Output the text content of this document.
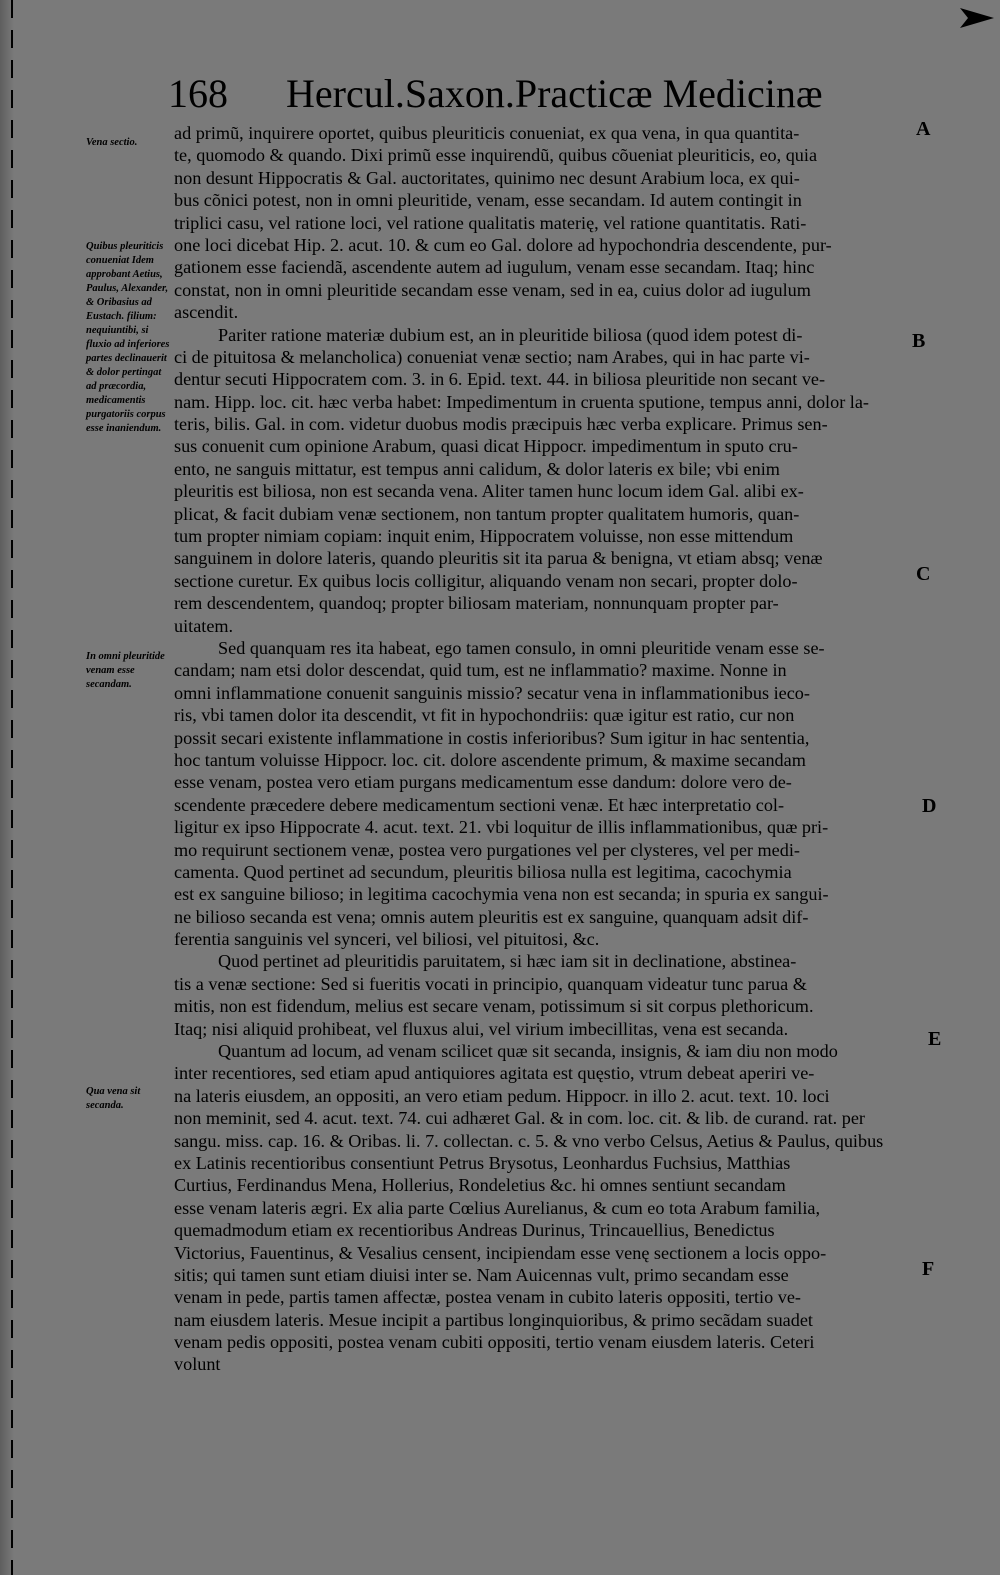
168 Hercul.Saxon.Practicæ Medicinæ
Vena sectio.
Quibus pleuriticis conueniat Idem approbant Aetius, Paulus, Alexander, & Oribasius ad Eustach. filium: nequiuntibi, si fluxio ad inferiores partes declinauerit & dolor pertingat ad præcordia, medicamentis purgatoriis corpus esse inaniendum.
In omni pleuritide venam esse secandam.
Qua vena sit secanda.
A
B
C
D
E
F
ad primũ, inquirere oportet, quibus pleuriticis conueniat, ex qua vena, in qua quantita-
te, quomodo & quando. Dixi primũ esse inquirendũ, quibus cõueniat pleuriticis, eo, quia
non desunt Hippocratis & Gal. auctoritates, quinimo nec desunt Arabium loca, ex qui-
bus cõnici potest, non in omni pleuritide, venam, esse secandam. Id autem contingit in
triplici casu, vel ratione loci, vel ratione qualitatis materię, vel ratione quantitatis. Rati-
one loci dicebat Hip. 2. acut. 10. & cum eo Gal. dolore ad hypochondria descendente, pur-
gationem esse faciendã, ascendente autem ad iugulum, venam esse secandam. Itaq; hinc
constat, non in omni pleuritide secandam esse venam, sed in ea, cuius dolor ad iugulum
ascendit.
Pariter ratione materiæ dubium est, an in pleuritide biliosa (quod idem potest di-
ci de pituitosa & melancholica) conueniat venæ sectio; nam Arabes, qui in hac parte vi-
dentur secuti Hippocratem com. 3. in 6. Epid. text. 44. in biliosa pleuritide non secant ve-
nam. Hipp. loc. cit. hæc verba habet: Impedimentum in cruenta sputione, tempus anni, dolor la-
teris, bilis. Gal. in com. videtur duobus modis præcipuis hæc verba explicare. Primus sen-
sus conuenit cum opinione Arabum, quasi dicat Hippocr. impedimentum in sputo cru-
ento, ne sanguis mittatur, est tempus anni calidum, & dolor lateris ex bile; vbi enim
pleuritis est biliosa, non est secanda vena. Aliter tamen hunc locum idem Gal. alibi ex-
plicat, & facit dubiam venæ sectionem, non tantum propter qualitatem humoris, quan-
tum propter nimiam copiam: inquit enim, Hippocratem voluisse, non esse mittendum
sanguinem in dolore lateris, quando pleuritis sit ita parua & benigna, vt etiam absq; venæ
sectione curetur. Ex quibus locis colligitur, aliquando venam non secari, propter dolo-
rem descendentem, quandoq; propter biliosam materiam, nonnunquam propter par-
uitatem.
Sed quanquam res ita habeat, ego tamen consulo, in omni pleuritide venam esse se-
candam; nam etsi dolor descendat, quid tum, est ne inflammatio? maxime. Nonne in
omni inflammatione conuenit sanguinis missio? secatur vena in inflammationibus ieco-
ris, vbi tamen dolor ita descendit, vt fit in hypochondriis: quæ igitur est ratio, cur non
possit secari existente inflammatione in costis inferioribus? Sum igitur in hac sententia,
hoc tantum voluisse Hippocr. loc. cit. dolore ascendente primum, & maxime secandam
esse venam, postea vero etiam purgans medicamentum esse dandum: dolore vero de-
scendente præcedere debere medicamentum sectioni venæ. Et hæc interpretatio col-
ligitur ex ipso Hippocrate 4. acut. text. 21. vbi loquitur de illis inflammationibus, quæ pri-
mo requirunt sectionem venæ, postea vero purgationes vel per clysteres, vel per medi-
camenta. Quod pertinet ad secundum, pleuritis biliosa nulla est legitima, cacochymia
est ex sanguine bilioso; in legitima cacochymia vena non est secanda; in spuria ex sangui-
ne bilioso secanda est vena; omnis autem pleuritis est ex sanguine, quanquam adsit dif-
ferentia sanguinis vel synceri, vel biliosi, vel pituitosi, &c.
Quod pertinet ad pleuritidis paruitatem, si hæc iam sit in declinatione, abstinea-
tis a venæ sectione: Sed si fueritis vocati in principio, quanquam videatur tunc parua &
mitis, non est fidendum, melius est secare venam, potissimum si sit corpus plethoricum.
Itaq; nisi aliquid prohibeat, vel fluxus alui, vel virium imbecillitas, vena est secanda.
Quantum ad locum, ad venam scilicet quæ sit secanda, insignis, & iam diu non modo
inter recentiores, sed etiam apud antiquiores agitata est quęstio, vtrum debeat aperiri ve-
na lateris eiusdem, an oppositi, an vero etiam pedum. Hippocr. in illo 2. acut. text. 10. loci
non meminit, sed 4. acut. text. 74. cui adhæret Gal. & in com. loc. cit. & lib. de curand. rat. per
sangu. miss. cap. 16. & Oribas. li. 7. collectan. c. 5. & vno verbo Celsus, Aetius & Paulus, quibus
ex Latinis recentioribus consentiunt Petrus Brysotus, Leonhardus Fuchsius, Matthias
Curtius, Ferdinandus Mena, Hollerius, Rondeletius &c. hi omnes sentiunt secandam
esse venam lateris ægri. Ex alia parte Cœlius Aurelianus, & cum eo tota Arabum familia,
quemadmodum etiam ex recentioribus Andreas Durinus, Trincauellius, Benedictus
Victorius, Fauentinus, & Vesalius censent, incipiendam esse venę sectionem a locis oppo-
sitis; qui tamen sunt etiam diuisi inter se. Nam Auicennas vult, primo secandam esse
venam in pede, partis tamen affectæ, postea venam in cubito lateris oppositi, tertio ve-
nam eiusdem lateris. Mesue incipit a partibus longinquioribus, & primo secãdam suadet
venam pedis oppositi, postea venam cubiti oppositi, tertio venam eiusdem lateris. Ceteri
volunt
